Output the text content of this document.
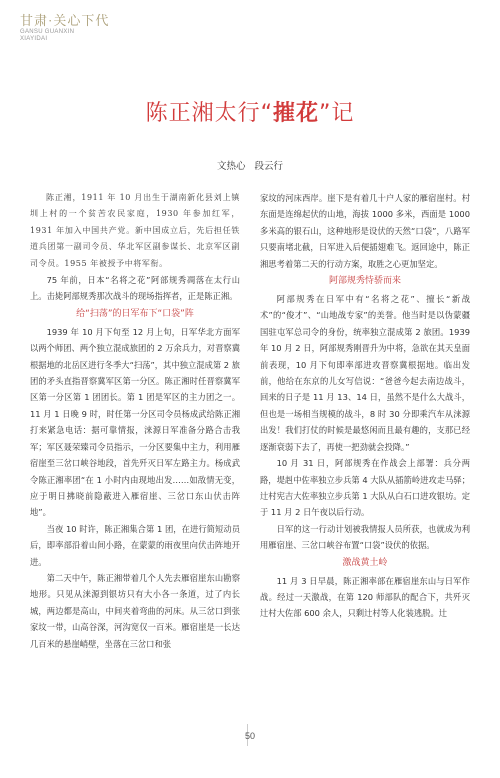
甘肃·关心下代
GANSU GUANXIN
XIAYIDAI
陈正湘太行“摧花”记
文热心 段云行

陈正湘，1911 年 10 月出生于湖南新化县刘上镇圳上村的一个贫苦农民家庭，1930 年参加红军，1931 年加入中国共产党。新中国成立后，先后担任铁道兵团第一副司令员、华北军区副参谋长、北京军区副司令员。1955 年被授予中将军衔。

75 年前，日本“名将之花”阿部规秀凋落在太行山上。击毙阿部规秀那次战斗的现场指挥者，正是陈正湘。

给“扫荡”的日军布下“口袋”阵

1939 年 10 月下旬至 12 月上旬，日军华北方面军以两个师团、两个独立混成旅团的 2 万余兵力，对晋察冀根据地的北岳区进行冬季大“扫荡”，其中独立混成第 2 旅团的矛头直指晋察冀军区第一分区。陈正湘时任晋察冀军区第一分区第 1 团团长。第 1 团是军区的主力团之一。11 月 1 日晚 9 时，时任第一分区司令员杨成武给陈正湘打来紧急电话：据可靠情报，涞源日军准备分路合击我军；军区聂荣臻司令员指示，一分区要集中主力，利用雁宿崖至三岔口峡谷地段，首先歼灭日军左路主力。杨成武令陈正湘率团“在 1 小时内由现地出发……如敌情无变，应于明日拂晓前隐蔽进入雁宿崖、三岔口东山伏击阵地”。

当夜 10 时许，陈正湘集合第 1 团，在进行简短动员后，即率部沿着山间小路，在蒙蒙的雨夜里向伏击阵地开进。

第二天中午，陈正湘带着几个人先去雁宿崖东山勘察地形。只见从涞源到银坊只有大小各一条道，过了内长城，两边都是高山，中间夹着弯曲的河床。从三岔口到张家坟一带，山高谷深，河沟宽仅一百米。雁宿崖是一长达几百米的悬崖峭壁，坐落在三岔口和张

家坟的河床西岸。崖下是有着几十户人家的雁宿崖村。村东面是连绵起伏的山地，海拔 1000 多米，西面是 1000 多米高的银石山，这种地形是设伏的天然“口袋”，八路军只要南堵北截，日军进入后便插翅难飞。返回途中，陈正湘思考着第二天的行动方案，取胜之心更加坚定。

阿部规秀恃骄而来

阿部规秀在日军中有“名将之花”、擅长“新战术”的“俊才”、“山地战专家”的美誉。他当时是以伪蒙疆国驻屯军总司令的身份，统率独立混成第 2 旅团。1939 年 10 月 2 日，阿部规秀刚晋升为中将，急欲在其天皇面前表现，10 月下旬即率部进攻晋察冀根据地。临出发前，他给在东京的儿女写信说：“爸爸今起去南边战斗，回来的日子是 11 月 13、14 日，虽然不是什么大战斗，但也是一场相当规模的战斗，8 时 30 分即乘汽车从涞源出发！我们打仗的时候是最悠闲而且最有趣的，支那已经逐渐衰弱下去了，再使一把劲就会投降。”

10 月 31 日，阿部规秀在作战会上部署：兵分两路，堤赳中佐率独立步兵第 4 大队从插箭岭进攻走马驿；辻村宪吉大佐率独立步兵第 1 大队从白石口进攻银坊。定于 11 月 2 日午夜以后行动。

日军的这一行动计划被我情报人员所获，也就成为利用雁宿崖、三岔口峡谷布置“口袋”设伏的依据。

激战黄土岭

11 月 3 日早晨，陈正湘率部在雁宿崖东山与日军作战。经过一天激战，在第 120 师部队的配合下，共歼灭辻村大佐部 600 余人，只剩辻村等人化装逃脱。辻

50
